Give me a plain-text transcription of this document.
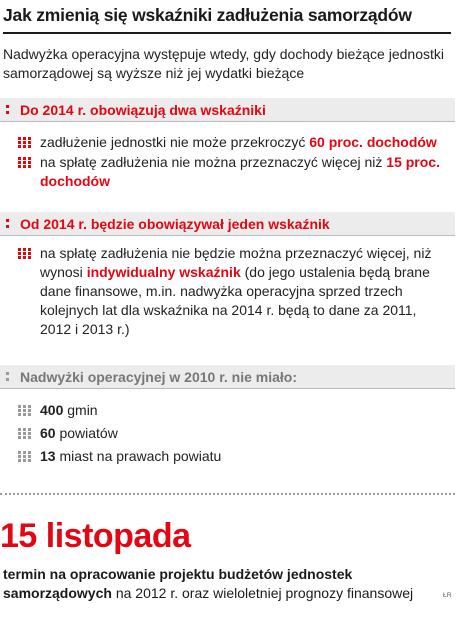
Jak zmienią się wskaźniki zadłużenia samorządów
Nadwyżka operacyjna występuje wtedy, gdy dochody bieżące jednostki samorządowej są wyższe niż jej wydatki bieżące
Do 2014 r. obowiązują dwa wskaźniki
zadłużenie jednostki nie może przekroczyć 60 proc. dochodów
na spłatę zadłużenia nie można przeznaczyć więcej niż 15 proc. dochodów
Od 2014 r. będzie obowiązywał jeden wskaźnik
na spłatę zadłużenia nie będzie można przeznaczyć więcej, niż wynosi indywidualny wskaźnik (do jego ustalenia będą brane dane finansowe, m.in. nadwyżka operacyjna sprzed trzech kolejnych lat dla wskaźnika na 2014 r. będą to dane za 2011, 2012 i 2013 r.)
Nadwyżki operacyjnej w 2010 r. nie miało:
400 gmin
60 powiatów
13 miast na prawach powiatu
15 listopada
termin na opracowanie projektu budżetów jednostek samorządowych na 2012 r. oraz wieloletniej prognozy finansowej	ŁR
